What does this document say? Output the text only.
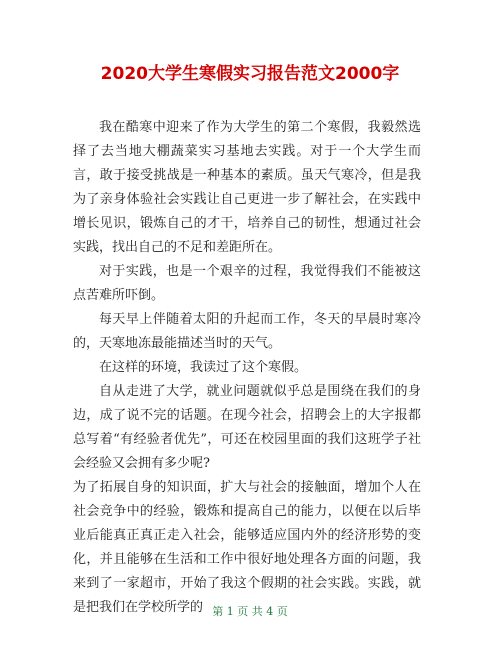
2020大学生寒假实习报告范文2000字

我在酷寒中迎来了作为大学生的第二个寒假，我毅然选择了去当地大棚蔬菜实习基地去实践。对于一个大学生而言，敢于接受挑战是一种基本的素质。虽天气寒冷，但是我为了亲身体验社会实践让自己更进一步了解社会，在实践中增长见识，锻炼自己的才干，培养自己的韧性，想通过社会实践，找出自己的不足和差距所在。

对于实践，也是一个艰辛的过程，我觉得我们不能被这点苦难所吓倒。

每天早上伴随着太阳的升起而工作，冬天的早晨时寒冷的，天寒地冻最能描述当时的天气。

在这样的环境，我读过了这个寒假。

自从走进了大学，就业问题就似乎总是围绕在我们的身边，成了说不完的话题。在现今社会，招聘会上的大字报都总写着“有经验者优先”，可还在校园里面的我们这班学子社会经验又会拥有多少呢?

为了拓展自身的知识面，扩大与社会的接触面，增加个人在社会竞争中的经验，锻炼和提高自己的能力，以便在以后毕业后能真正真正走入社会，能够适应国内外的经济形势的变化，并且能够在生活和工作中很好地处理各方面的问题，我来到了一家超市，开始了我这个假期的社会实践。实践，就是把我们在学校所学的 第 1 页 共 4 页
